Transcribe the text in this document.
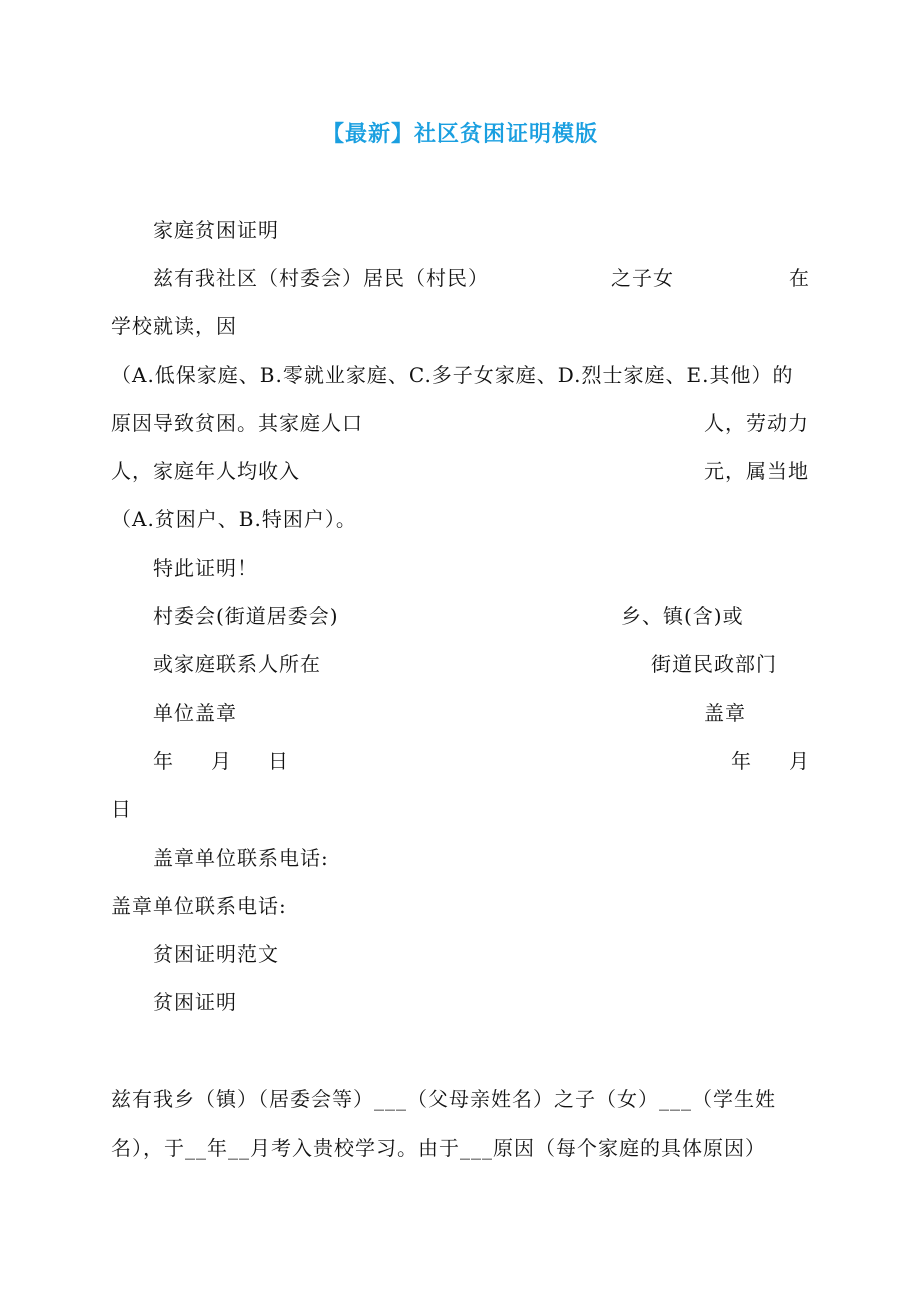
【最新】社区贫困证明模版
家庭贫困证明
兹有我社区（村委会）居民（村民）	之子女	在
学校就读，因
（A.低保家庭、B.零就业家庭、C.多子女家庭、D.烈士家庭、E.其他）的
原因导致贫困。其家庭人口	人，劳动力
人，家庭年人均收入	元，属当地
（A.贫困户、B.特困户）。
特此证明！
村委会(街道居委会)	乡、镇(含)或
或家庭联系人所在	街道民政部门
单位盖章	盖章
年 月 日	年 月
日
盖章单位联系电话:
盖章单位联系电话:
贫困证明范文
贫困证明
兹有我乡（镇）（居委会等）___（父母亲姓名）之子（女）___（学生姓
名），于__年__月考入贵校学习。由于___原因（每个家庭的具体原因）
